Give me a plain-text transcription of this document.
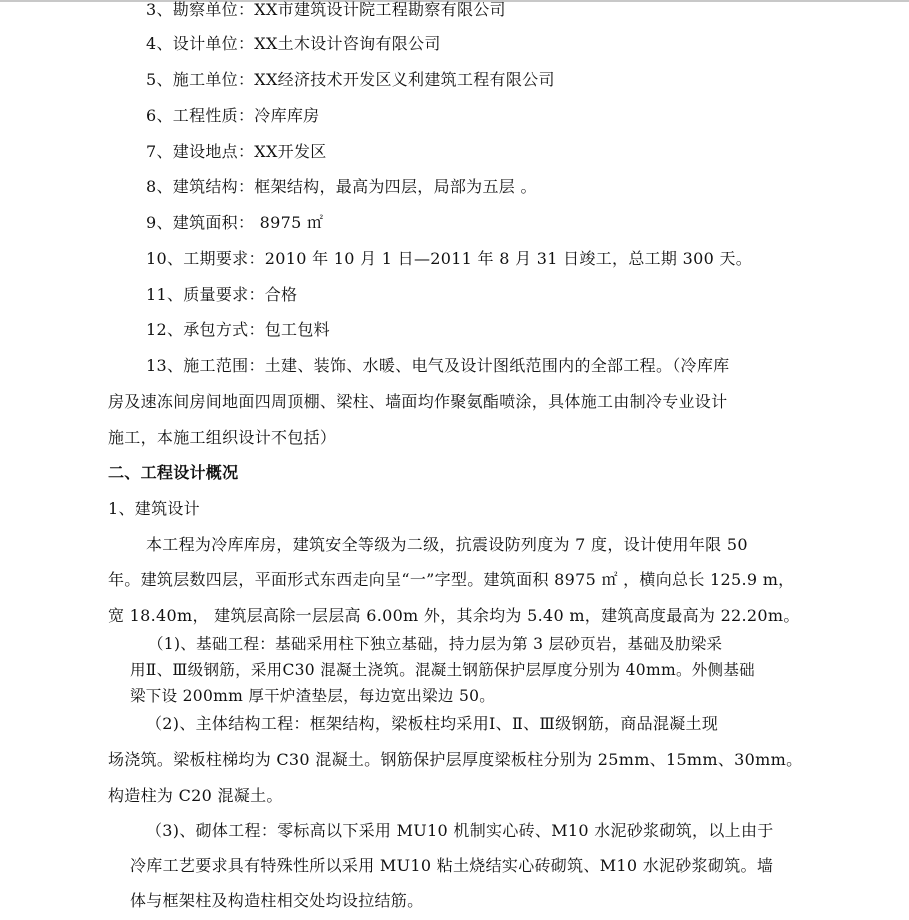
3、勘察单位：XX市建筑设计院工程勘察有限公司
4、设计单位：XX土木设计咨询有限公司
5、施工单位：XX经济技术开发区义利建筑工程有限公司
6、工程性质：冷库库房
7、建设地点：XX开发区
8、建筑结构：框架结构，最高为四层，局部为五层 。
9、建筑面积： 8975 ㎡
10、工期要求：2010 年 10 月 1 日—2011 年 8 月 31 日竣工，总工期 300 天。
11、质量要求：合格
12、承包方式：包工包料
13、施工范围：土建、装饰、水暖、电气及设计图纸范围内的全部工程。（冷库库
房及速冻间房间地面四周顶棚、梁柱、墙面均作聚氨酯喷涂，具体施工由制冷专业设计
施工，本施工组织设计不包括）
二、工程设计概况
1、建筑设计
本工程为冷库库房，建筑安全等级为二级，抗震设防列度为 7 度，设计使用年限 50
年。建筑层数四层，平面形式东西走向呈“一”字型。建筑面积 8975 ㎡ ，横向总长 125.9 m，
宽 18.40m， 建筑层高除一层层高 6.00m 外，其余均为 5.40 m，建筑高度最高为 22.20m。
（1)、基础工程：基础采用柱下独立基础，持力层为第 3 层砂页岩，基础及肋梁采
用Ⅱ、Ⅲ级钢筋，采用C30 混凝土浇筑。混凝土钢筋保护层厚度分别为 40mm。外侧基础
梁下设 200mm 厚干炉渣垫层，每边宽出梁边 50。
（2)、主体结构工程：框架结构，梁板柱均采用Ⅰ、Ⅱ、Ⅲ级钢筋，商品混凝土现
场浇筑。梁板柱梯均为 C30 混凝土。钢筋保护层厚度梁板柱分别为 25mm、15mm、30mm。
构造柱为 C20 混凝土。
（3)、砌体工程：零标高以下采用 MU10 机制实心砖、M10 水泥砂浆砌筑，以上由于
冷库工艺要求具有特殊性所以采用 MU10 粘土烧结实心砖砌筑、M10 水泥砂浆砌筑。墙
体与框架柱及构造柱相交处均设拉结筋。
